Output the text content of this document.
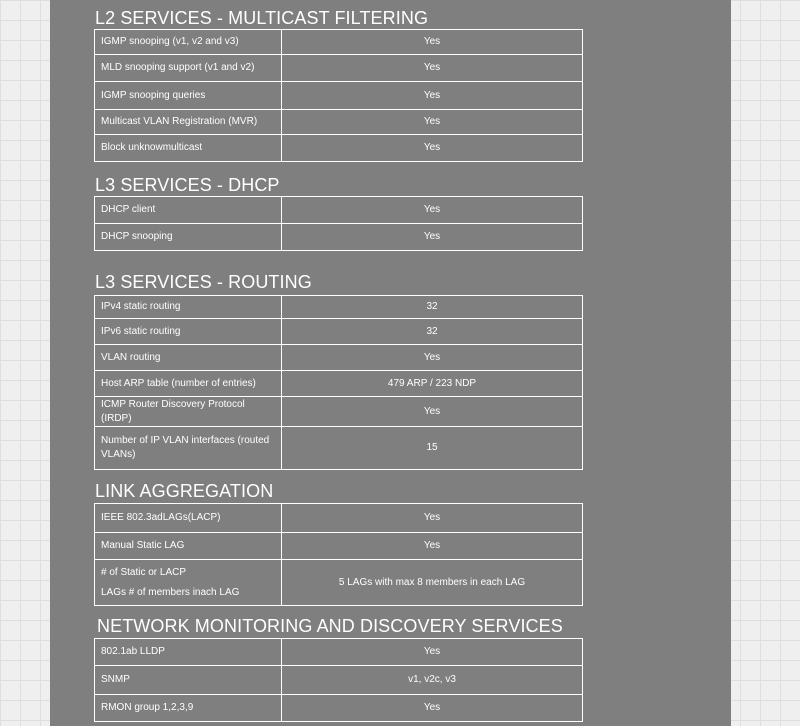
L2 SERVICES - MULTICAST FILTERING
IGMP snooping (v1, v2 and v3)	Yes
MLD snooping support (v1 and v2)	Yes
IGMP snooping queries	Yes
Multicast VLAN Registration (MVR)	Yes
Block unknowmulticast	Yes
L3 SERVICES - DHCP
DHCP client	Yes
DHCP snooping	Yes
L3 SERVICES - ROUTING
IPv4 static routing	32
IPv6 static routing	32
VLAN routing	Yes
Host ARP table (number of entries)	479 ARP / 223 NDP
ICMP Router Discovery Protocol (IRDP)	Yes
Number of IP VLAN interfaces (routed VLANs)	15
LINK AGGREGATION
IEEE 802.3adLAGs(LACP)	Yes
Manual Static LAG	Yes

# of Static or LACP
LAGs # of members inach LAG	5 LAGs with max 8 members in each LAG
NETWORK MONITORING AND DISCOVERY SERVICES
802.1ab LLDP	Yes
SNMP	v1, v2c, v3
RMON group 1,2,3,9	Yes
